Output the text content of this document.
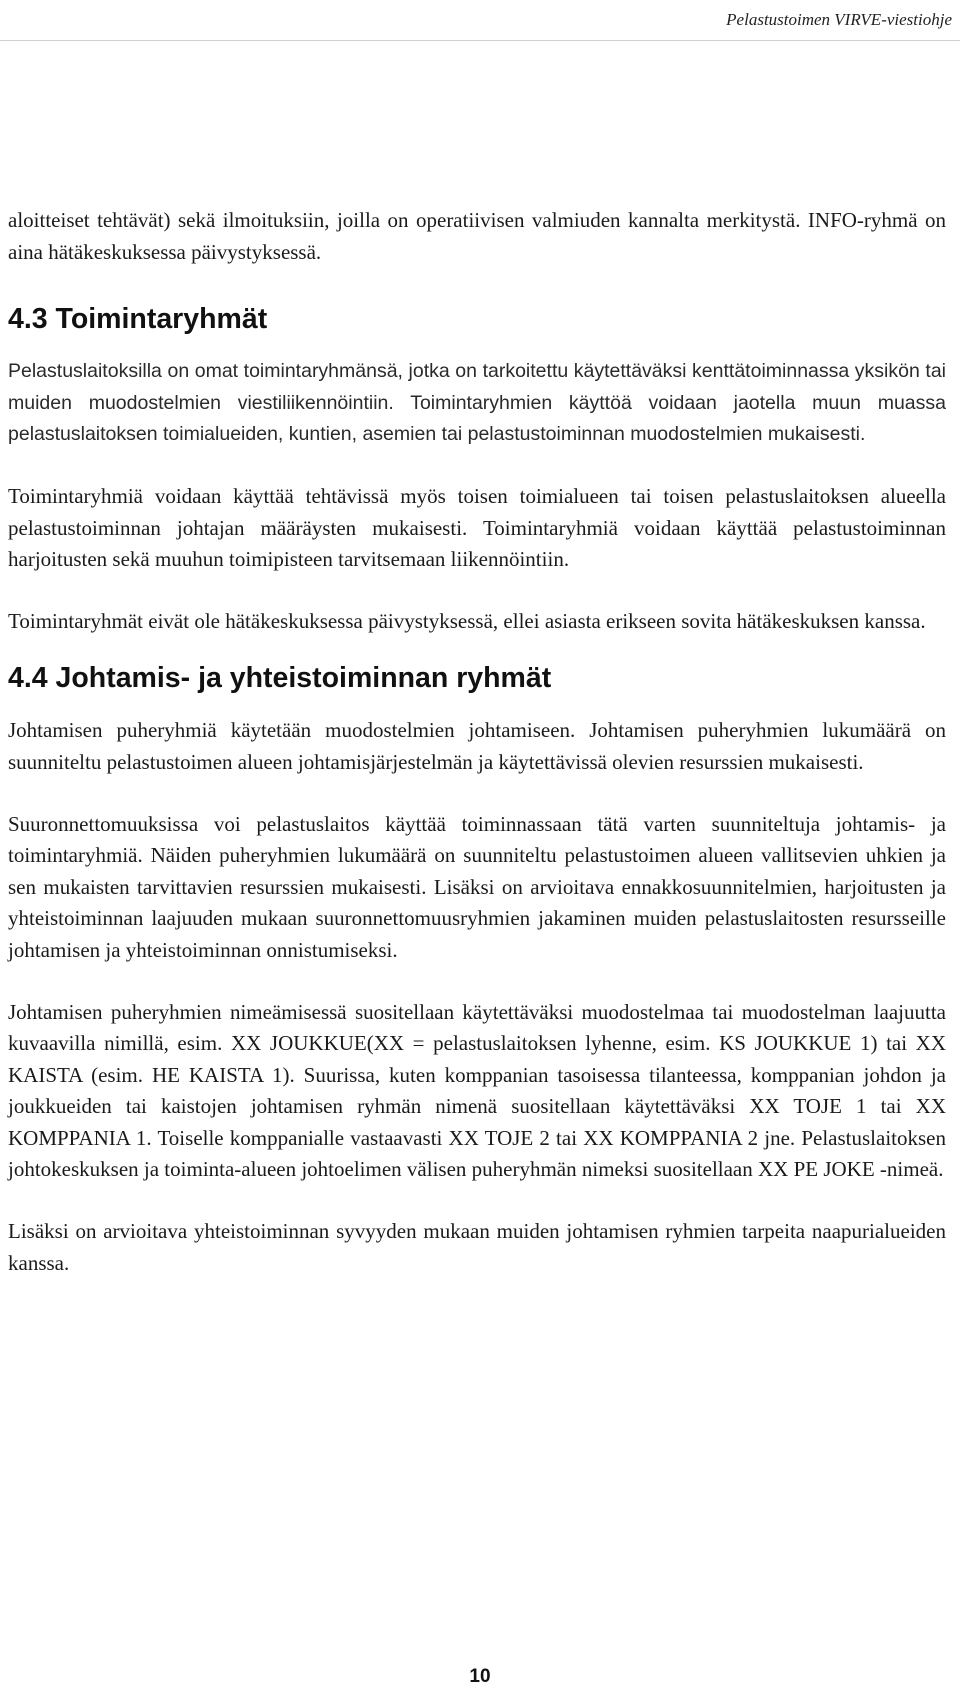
Pelastustoimen VIRVE-viestiohje

aloitteiset tehtävät) sekä ilmoituksiin, joilla on operatiivisen valmiuden kannalta merkitystä. INFO-ryhmä on aina hätäkeskuksessa päivystyksessä.

4.3 Toimintaryhmät

Pelastuslaitoksilla on omat toimintaryhmänsä, jotka on tarkoitettu käytettäväksi kenttätoiminnassa yksikön tai muiden muodostelmien viestiliikennöintiin. Toimintaryhmien käyttöä voidaan jaotella muun muassa pelastuslaitoksen toimialueiden, kuntien, asemien tai pelastustoiminnan muodostelmien mukaisesti.

Toimintaryhmiä voidaan käyttää tehtävissä myös toisen toimialueen tai toisen pelastuslaitoksen alueella pelastustoiminnan johtajan määräysten mukaisesti. Toimintaryhmiä voidaan käyttää pelastustoiminnan harjoitusten sekä muuhun toimipisteen tarvitsemaan liikennöintiin.

Toimintaryhmät eivät ole hätäkeskuksessa päivystyksessä, ellei asiasta erikseen sovita hätäkeskuksen kanssa.

4.4 Johtamis- ja yhteistoiminnan ryhmät

Johtamisen puheryhmiä käytetään muodostelmien johtamiseen. Johtamisen puheryhmien lukumäärä on suunniteltu pelastustoimen alueen johtamisjärjestelmän ja käytettävissä olevien resurssien mukaisesti.

Suuronnettomuuksissa voi pelastuslaitos käyttää toiminnassaan tätä varten suunniteltuja johtamis- ja toimintaryhmiä. Näiden puheryhmien lukumäärä on suunniteltu pelastustoimen alueen vallitsevien uhkien ja sen mukaisten tarvittavien resurssien mukaisesti. Lisäksi on arvioitava ennakkosuunnitelmien, harjoitusten ja yhteistoiminnan laajuuden mukaan suuronnettomuusryhmien jakaminen muiden pelastuslaitosten resursseille johtamisen ja yhteistoiminnan onnistumiseksi.

Johtamisen puheryhmien nimeämisessä suositellaan käytettäväksi muodostelmaa tai muodostelman laajuutta kuvaavilla nimillä, esim. XX JOUKKUE(XX = pelastuslaitoksen lyhenne, esim. KS JOUKKUE 1) tai XX KAISTA (esim. HE KAISTA 1). Suurissa, kuten komppanian tasoisessa tilanteessa, komppanian johdon ja joukkueiden tai kaistojen johtamisen ryhmän nimenä suositellaan käytettäväksi XX TOJE 1 tai XX KOMPPANIA 1. Toiselle komppanialle vastaavasti XX TOJE 2 tai XX KOMPPANIA 2 jne. Pelastuslaitoksen johtokeskuksen ja toiminta-alueen johtoelimen välisen puheryhmän nimeksi suositellaan XX PE JOKE -nimeä.

Lisäksi on arvioitava yhteistoiminnan syvyyden mukaan muiden johtamisen ryhmien tarpeita naapurialueiden kanssa.

10
